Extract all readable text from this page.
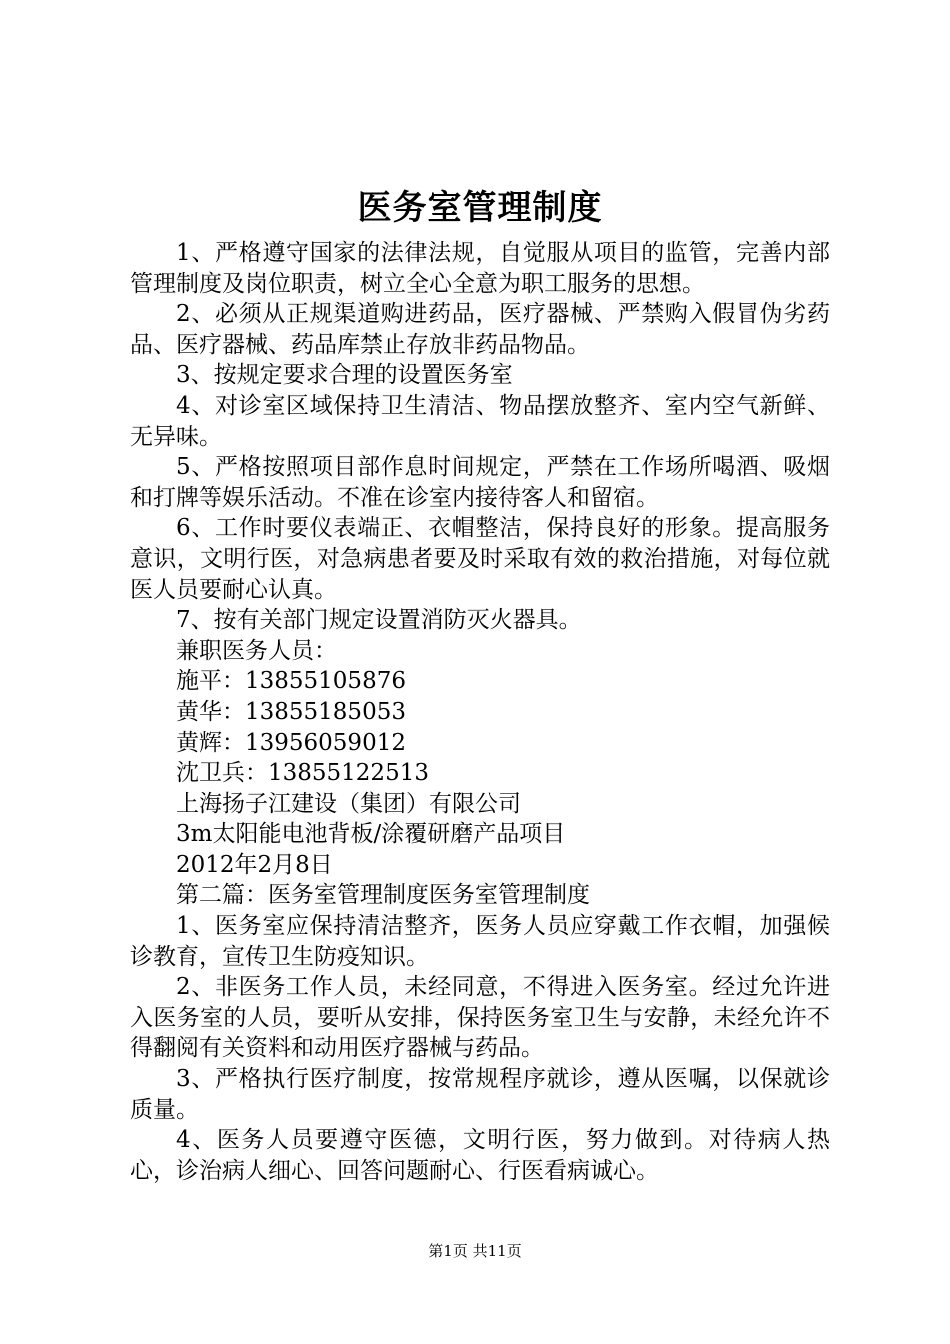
医务室管理制度

1、严格遵守国家的法律法规，自觉服从项目的监管，完善内部管理制度及岗位职责，树立全心全意为职工服务的思想。

2、必须从正规渠道购进药品，医疗器械、严禁购入假冒伪劣药品、医疗器械、药品库禁止存放非药品物品。

3、按规定要求合理的设置医务室

4、对诊室区域保持卫生清洁、物品摆放整齐、室内空气新鲜、无异味。

5、严格按照项目部作息时间规定，严禁在工作场所喝酒、吸烟和打牌等娱乐活动。不准在诊室内接待客人和留宿。

6、工作时要仪表端正、衣帽整洁，保持良好的形象。提高服务意识，文明行医，对急病患者要及时采取有效的救治措施，对每位就医人员要耐心认真。

7、按有关部门规定设置消防灭火器具。

兼职医务人员：

施平：13855105876

黄华：13855185053

黄辉：13956059012

沈卫兵：13855122513

上海扬子江建设（集团）有限公司

3m太阳能电池背板/涂覆研磨产品项目

2012年2月8日

第二篇：医务室管理制度医务室管理制度

1、医务室应保持清洁整齐，医务人员应穿戴工作衣帽，加强候诊教育，宣传卫生防疫知识。

2、非医务工作人员，未经同意，不得进入医务室。经过允许进入医务室的人员，要听从安排，保持医务室卫生与安静，未经允许不得翻阅有关资料和动用医疗器械与药品。

3、严格执行医疗制度，按常规程序就诊，遵从医嘱，以保就诊质量。

4、医务人员要遵守医德，文明行医，努力做到。对待病人热心，诊治病人细心、回答问题耐心、行医看病诚心。

第1页 共11页
